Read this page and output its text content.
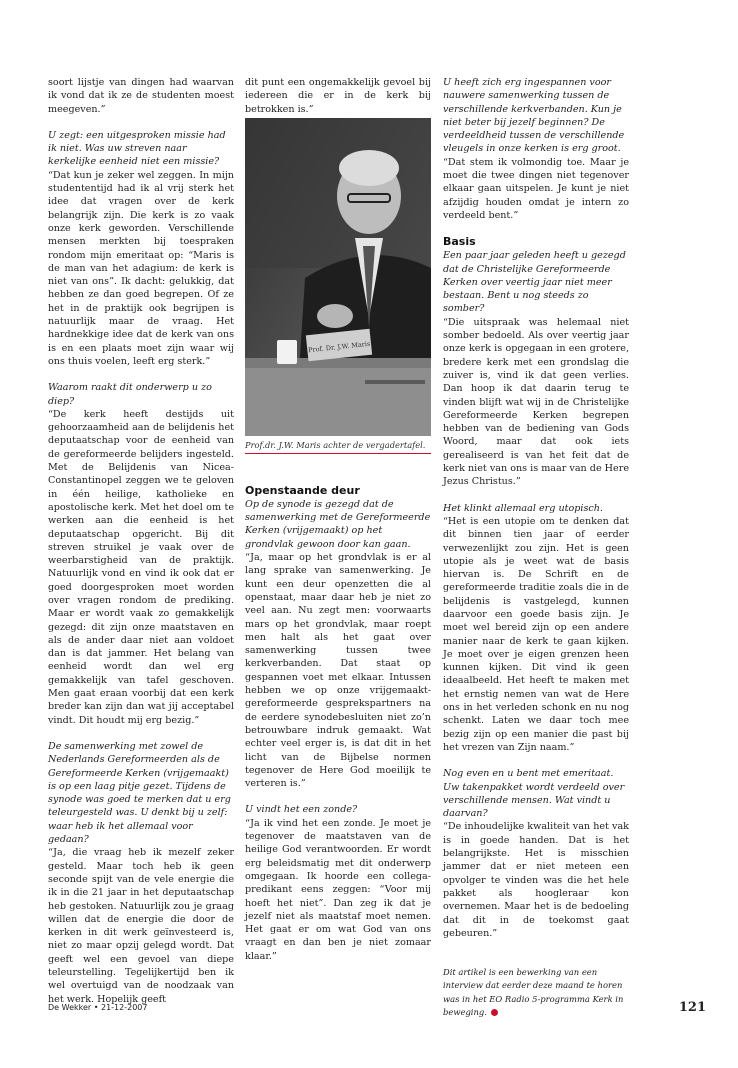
soort lijstje van dingen had waarvan ik vond dat ik ze de studenten moest meegeven.”

U zegt: een uitgesproken missie had ik niet. Was uw streven naar kerkelijke eenheid niet een missie?

“Dat kun je zeker wel zeggen. In mijn studententijd had ik al vrij sterk het idee dat vragen over de kerk belangrijk zijn. Die kerk is zo vaak onze kerk geworden. Verschillende mensen merkten bij toespraken rondom mijn emeritaat op: “Maris is de man van het adagium: de kerk is niet van ons”. Ik dacht: gelukkig, dat hebben ze dan goed begrepen. Of ze het in de praktijk ook begrijpen is natuurlijk maar de vraag. Het hardnekkige idee dat de kerk van ons is en een plaats moet zijn waar wij ons thuis voelen, leeft erg sterk.”

Waarom raakt dit onderwerp u zo diep?

“De kerk heeft destijds uit gehoorzaamheid aan de belijdenis het deputaatschap voor de eenheid van de gereformeerde belijders ingesteld. Met de Belijdenis van Nicea-Constantinopel zeggen we te geloven in één heilige, katholieke en apostolische kerk. Met het doel om te werken aan die eenheid is het deputaatschap opgericht. Bij dit streven struikel je vaak over de weerbarstigheid van de praktijk. Natuurlijk vond en vind ik ook dat er goed doorgesproken moet worden over vragen rondom de prediking. Maar er wordt vaak zo gemakkelijk gezegd: dit zijn onze maatstaven en als de ander daar niet aan voldoet dan is dat jammer. Het belang van eenheid wordt dan wel erg gemakkelijk van tafel geschoven. Men gaat eraan voorbij dat een kerk breder kan zijn dan wat jij acceptabel vindt. Dit houdt mij erg bezig.”

De samenwerking met zowel de Nederlands Gereformeerden als de Gereformeerde Kerken (vrijgemaakt) is op een laag pitje gezet. Tijdens de synode was goed te merken dat u erg teleurgesteld was. U denkt bij u zelf: waar heb ik het allemaal voor gedaan?

“Ja, die vraag heb ik mezelf zeker gesteld. Maar toch heb ik geen seconde spijt van de vele energie die ik in die 21 jaar in het deputaatschap heb gestoken. Natuurlijk zou je graag willen dat de energie die door de kerken in dit werk geïnvesteerd is, niet zo maar opzij gelegd wordt. Dat geeft wel een gevoel van diepe teleurstelling. Tegelijkertijd ben ik wel overtuigd van de noodzaak van het werk. Hopelijk geeft

dit punt een ongemakkelijk gevoel bij iedereen die er in de kerk bij betrokken is.”

Prof. Dr. J.W. Maris
Prof.dr. J.W. Maris achter de vergadertafel.
Openstaande deur

Op de synode is gezegd dat de samenwerking met de Gereformeerde Kerken (vrijgemaakt) op het grondvlak gewoon door kan gaan.

“Ja, maar op het grondvlak is er al lang sprake van samenwerking. Je kunt een deur openzetten die al openstaat, maar daar heb je niet zo veel aan. Nu zegt men: voorwaarts mars op het grondvlak, maar roept men halt als het gaat over samenwerking tussen twee kerkverbanden. Dat staat op gespannen voet met elkaar. Intussen hebben we op onze vrijgemaakt-gereformeerde gesprekspartners na de eerdere synodebesluiten niet zo’n betrouwbare indruk gemaakt. Wat echter veel erger is, is dat dit in het licht van de Bijbelse normen tegenover de Here God moeilijk te verteren is.”

U vindt het een zonde?

“Ja ik vind het een zonde. Je moet je tegenover de maatstaven van de heilige God verantwoorden. Er wordt erg beleidsmatig met dit onderwerp omgegaan. Ik hoorde een collega-predikant eens zeggen: “Voor mij hoeft het niet”. Dan zeg ik dat je jezelf niet als maatstaf moet nemen. Het gaat er om wat God van ons vraagt en dan ben je niet zomaar klaar.”

U heeft zich erg ingespannen voor nauwere samenwerking tussen de verschillende kerkverbanden. Kun je niet beter bij jezelf beginnen? De verdeeldheid tussen de verschillende vleugels in onze kerken is erg groot.

“Dat stem ik volmondig toe. Maar je moet die twee dingen niet tegenover elkaar gaan uitspelen. Je kunt je niet afzijdig houden omdat je intern zo verdeeld bent.”

Basis

Een paar jaar geleden heeft u gezegd dat de Christelijke Gereformeerde Kerken over veertig jaar niet meer bestaan. Bent u nog steeds zo somber?

“Die uitspraak was helemaal niet somber bedoeld. Als over veertig jaar onze kerk is opgegaan in een grotere, bredere kerk met een grondslag die zuiver is, vind ik dat geen verlies. Dan hoop ik dat daarin terug te vinden blijft wat wij in de Christelijke Gereformeerde Kerken begrepen hebben van de bediening van Gods Woord, maar dat ook iets gerealiseerd is van het feit dat de kerk niet van ons is maar van de Here Jezus Christus.”

Het klinkt allemaal erg utopisch.

“Het is een utopie om te denken dat dit binnen tien jaar of eerder verwezenlijkt zou zijn. Het is geen utopie als je weet wat de basis hiervan is. De Schrift en de gereformeerde traditie zoals die in de belijdenis is vastgelegd, kunnen daarvoor een goede basis zijn. Je moet wel bereid zijn op een andere manier naar de kerk te gaan kijken. Je moet over je eigen grenzen heen kunnen kijken. Dit vind ik geen ideaalbeeld. Het heeft te maken met het ernstig nemen van wat de Here ons in het verleden schonk en nu nog schenkt. Laten we daar toch mee bezig zijn op een manier die past bij het vrezen van Zijn naam.”

Nog even en u bent met emeritaat. Uw takenpakket wordt verdeeld over verschillende mensen. Wat vindt u daarvan?

“De inhoudelijke kwaliteit van het vak is in goede handen. Dat is het belangrijkste. Het is misschien jammer dat er niet meteen een opvolger te vinden was die het hele pakket als hoogleraar kon overnemen. Maar het is de bedoeling dat dit in de toekomst gaat gebeuren.”

Dit artikel is een bewerking van een interview dat eerder deze maand te horen was in het EO Radio 5-programma Kerk in beweging.

De Wekker • 21-12-2007	121
